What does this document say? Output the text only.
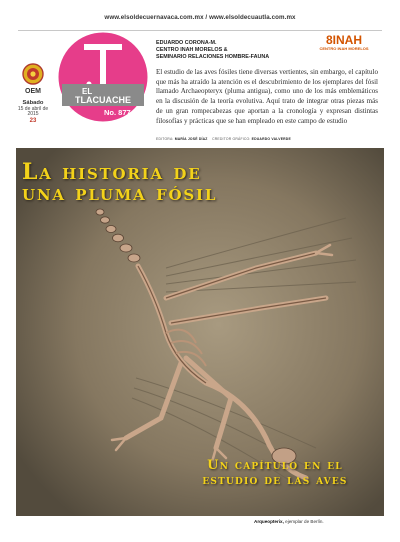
www.elsoldecuernavaca.com.mx / www.elsoldecuautla.com.mx
OEM
Sábado
15 de abril de 2015
23
EL
TLACUACHE
No. 877
EDUARDO CORONA-M.
CENTRO INAH MORELOS &
SEMINARIO RELACIONES HOMBRE-FAUNA
8INAH
CENTRO INAH MORELOS
El estudio de las aves fósiles tiene diversas vertientes, sin embargo, el capítulo que más ha atraído la atención es el descubrimiento de los ejemplares del fósil llamado Archaeopteryx (pluma antigua), como uno de los más emblemáticos en la discusión de la teoría evolutiva. Aquí trato de integrar otras piezas más de un gran rompecabezas que aportan a la cronología y expresan distintas filosofías y prácticas que se han empleado en este campo de estudio
EDITORA: MARÍA JOSÉ DÍAZ CREDITOR GRÁFICO: EDUARDO VALVERDE
La historia de
una pluma fósil
Un capítulo en el
estudio de las aves
Arqueopterix, ejemplar de Berlín.
